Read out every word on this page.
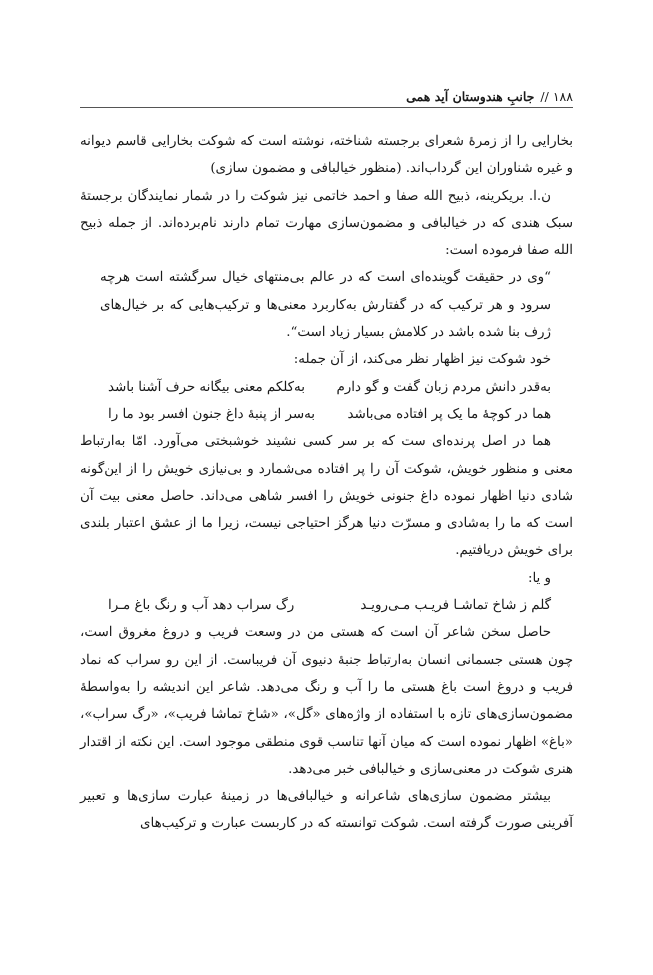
۱۸۸
//
جانبِ هندوستان آید همی

بخارایی را از زمرۀ شعرای برجسته شناخته، نوشته است که شوکت بخارایی قاسم دیوانه و غیره شناوران این گرداب‌اند. (منظور خیالبافی و مضمون سازی)

ن.ا. بریکرینه، ذبیح الله صفا و احمد خاتمی نیز شوکت را در شمار نمایندگان برجستۀ سبک هندی که در خیالبافی و مضمون‌سازی مهارت تمام دارند نام‌برده‌اند. از جمله ذبیح الله صفا فرموده است:

“وی در حقیقت گوینده‌ای است که در عالم بی‌منتهای خیال سرگشته است هرچه سرود و هر ترکیب که در گفتارش به‌کاربرد معنی‌ها و ترکیب‌هایی که بر خیال‌های ژرف بنا شده باشد در کلامش بسیار زیاد است“.

خود شوکت نیز اظهار نظر می‌کند، از آن جمله:

به‌قدر دانش مردم زبان گفت و گو دارم
به‌کلکم معنی بیگانه حرف آشنا باشد
هما در کوچۀ ما یک پر افتاده می‌باشد
به‌سر از پنبۀ داغ جنون افسر بود ما را

هما در اصل پرنده‌ای ست که بر سر کسی نشیند خوشبختی می‌آورد. امّا به‌ارتباط معنی و منظور خویش، شوکت آن را پر افتاده می‌شمارد و بی‌نیازی خویش را از این‌گونه شادی دنیا اظهار نموده داغ جنونی خویش را افسر شاهی می‌داند. حاصل معنی بیت آن است که ما را به‌شادی و مسرّت دنیا هرگز احتیاجی نیست، زیرا ما از عشق اعتبار بلندی برای خویش دریافتیم.

و یا:

گلم ز شاخ تماشـا فریـب مـی‌رویـد
رگ سراب دهد آب و رنگ باغ مـرا

حاصل سخن شاعر آن است که هستی من در وسعت فریب و دروغ مغروق است، چون هستی جسمانی انسان به‌ارتباط جنبۀ دنیوی آن فریباست. از این رو سراب که نماد فریب و دروغ است باغ هستی ما را آب و رنگ می‌دهد. شاعر این اندیشه را به‌واسطۀ مضمون‌سازی‌های تازه با استفاده از واژه‌های «گل»، «شاخ تماشا فریب»، «رگ سراب»، «باغ» اظهار نموده است که میان آنها تناسب قوی منطقی موجود است. این نکته از اقتدار هنری شوکت در معنی‌سازی و خیالبافی خبر می‌دهد.

بیشتر مضمون سازی‌های شاعرانه و خیالبافی‌ها در زمینۀ عبارت سازی‌ها و تعبیر آفرینی صورت گرفته است. شوکت توانسته که در کاربست عبارت و ترکیب‌های
